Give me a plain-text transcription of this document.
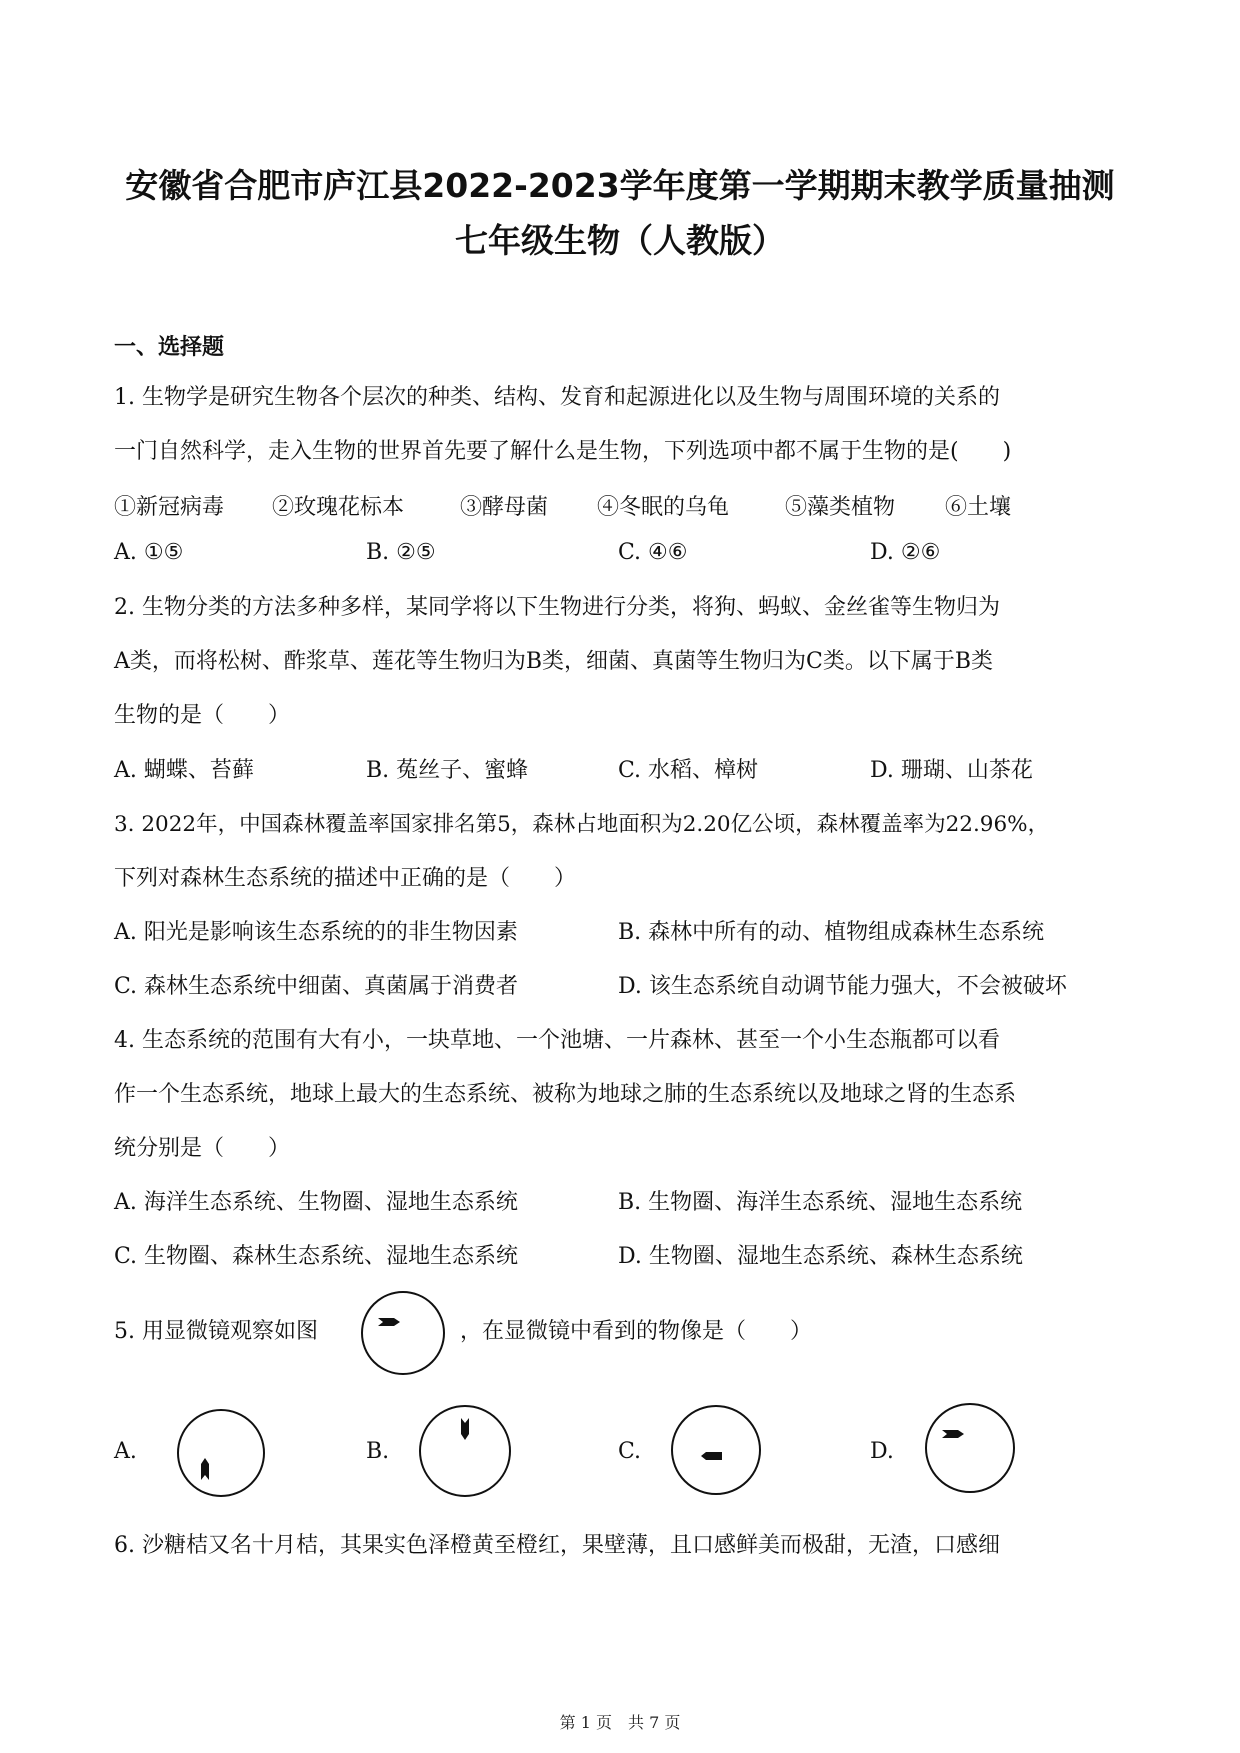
安徽省合肥市庐江县2022-2023学年度第一学期期末教学质量抽测
七年级生物（人教版）
一、选择题
1. 生物学是研究生物各个层次的种类、结构、发育和起源进化以及生物与周围环境的关系的
一门自然科学，走入生物的世界首先要了解什么是生物，下列选项中都不属于生物的是(　　)
①新冠病毒 ②玫瑰花标本	③酵母菌 ④冬眠的乌龟	⑤藻类植物 ⑥土壤
A. ①⑤	B. ②⑤	C. ④⑥	D. ②⑥
2. 生物分类的方法多种多样，某同学将以下生物进行分类，将狗、蚂蚁、金丝雀等生物归为
A类，而将松树、酢浆草、莲花等生物归为B类，细菌、真菌等生物归为C类。以下属于B类
生物的是（　　）
A. 蝴蝶、苔藓	B. 菟丝子、蜜蜂	C. 水稻、樟树	D. 珊瑚、山茶花
3. 2022年，中国森林覆盖率国家排名第5，森林占地面积为2.20亿公顷，森林覆盖率为22.96%，
下列对森林生态系统的描述中正确的是（　　）
A. 阳光是影响该生态系统的的非生物因素	B. 森林中所有的动、植物组成森林生态系统
C. 森林生态系统中细菌、真菌属于消费者	D. 该生态系统自动调节能力强大，不会被破坏
4. 生态系统的范围有大有小，一块草地、一个池塘、一片森林、甚至一个小生态瓶都可以看
作一个生态系统，地球上最大的生态系统、被称为地球之肺的生态系统以及地球之肾的生态系
统分别是（　　）
A. 海洋生态系统、生物圈、湿地生态系统	B. 生物圈、海洋生态系统、湿地生态系统
C. 生物圈、森林生态系统、湿地生态系统	D. 生物圈、湿地生态系统、森林生态系统
5. 用显微镜观察如图	，在显微镜中看到的物像是（　　）
A.	B.	C.	D.
6. 沙糖桔又名十月桔，其果实色泽橙黄至橙红，果壁薄，且口感鲜美而极甜，无渣，口感细
第 1 页　共 7 页
